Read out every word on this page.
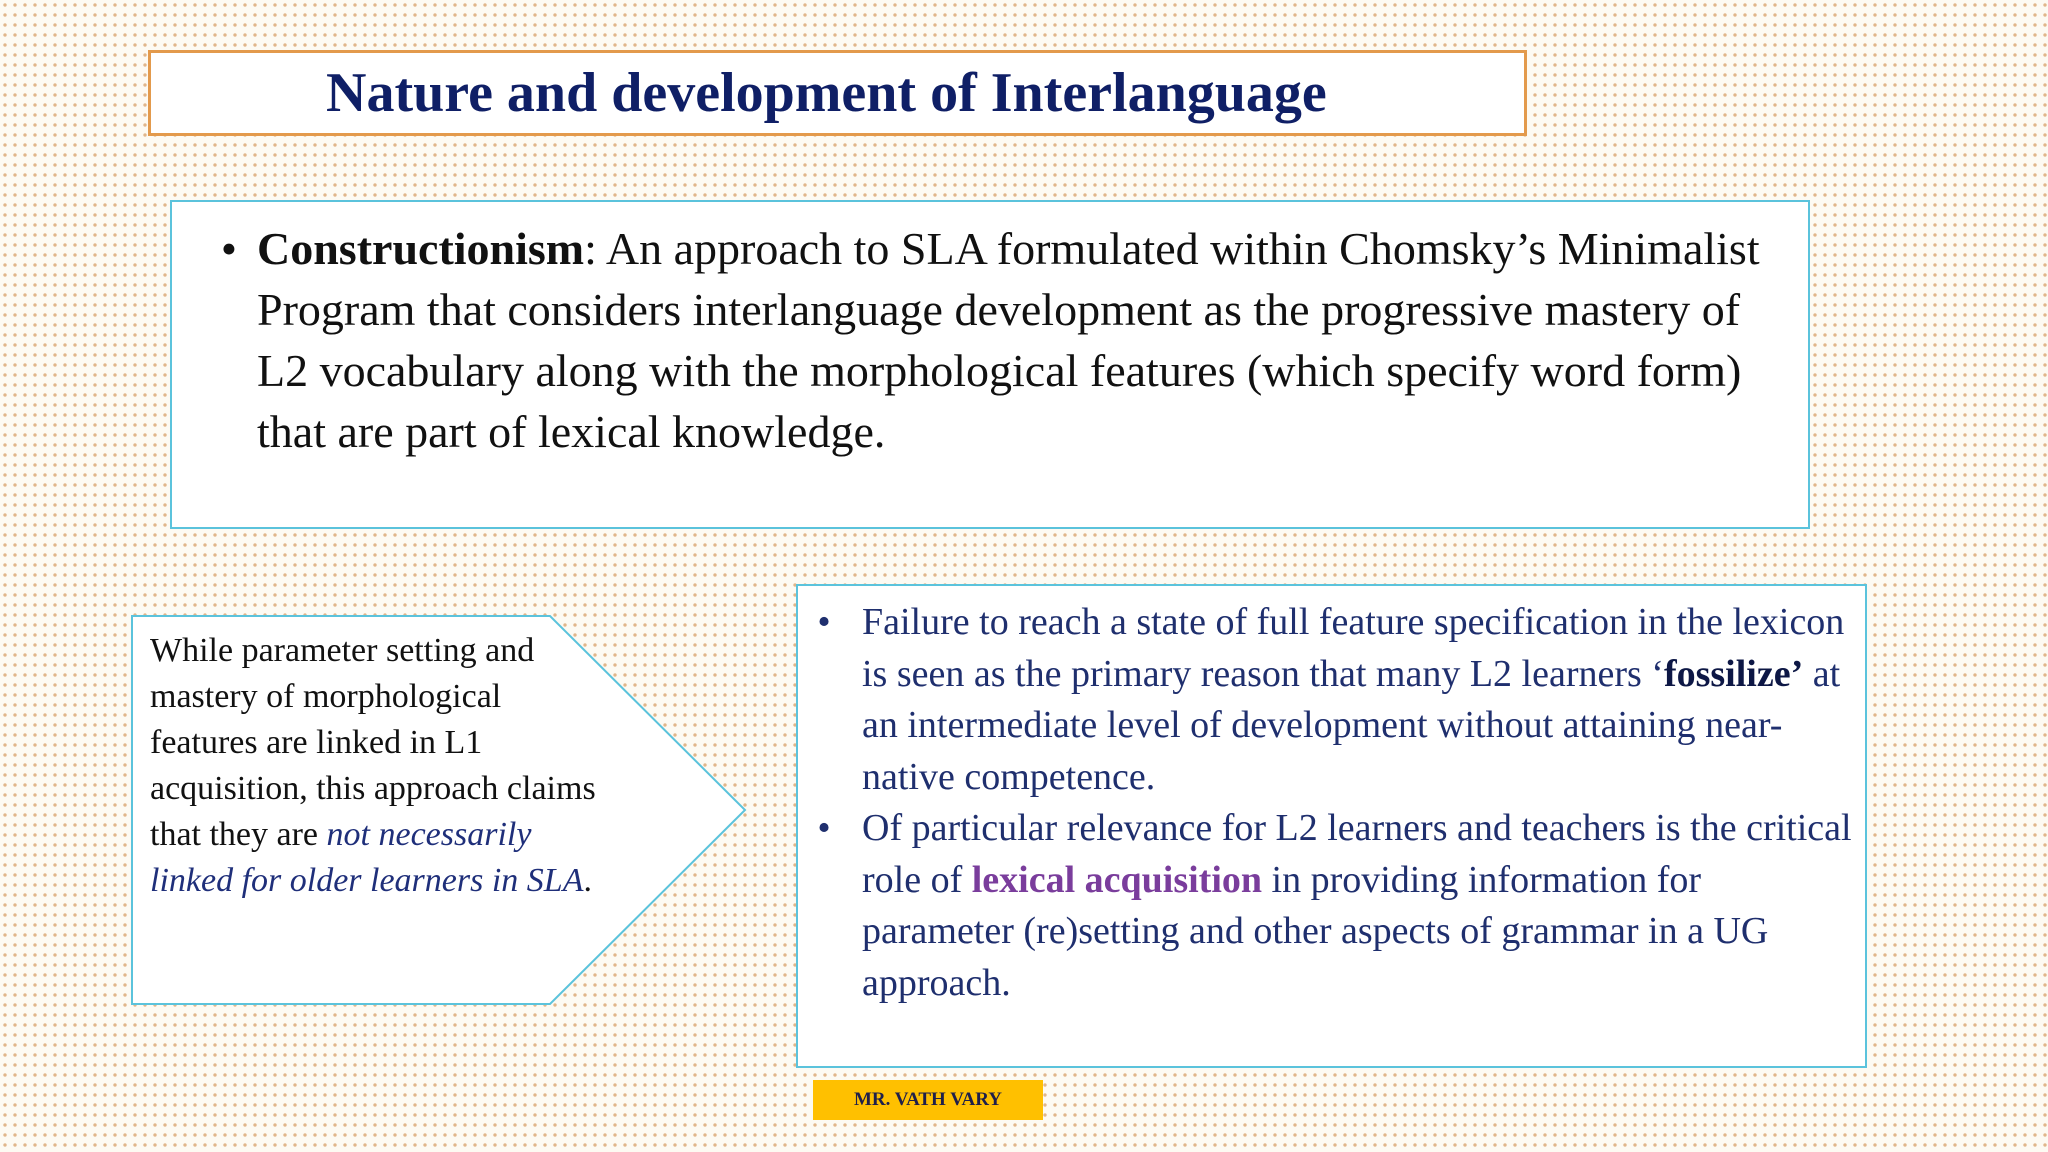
Nature and development of Interlanguage
• Constructionism: An approach to SLA formulated within Chomsky’s Minimalist Program that considers interlanguage development as the progressive mastery of L2 vocabulary along with the morphological features (which specify word form) that are part of lexical knowledge.
While parameter setting and mastery of morphological features are linked in L1 acquisition, this approach claims that they are not necessarily linked for older learners in SLA.
• Failure to reach a state of full feature specification in the lexicon is seen as the primary reason that many L2 learners ‘fossilize’ at an intermediate level of development without attaining near-native competence.
• Of particular relevance for L2 learners and teachers is the critical role of lexical acquisition in providing information for parameter (re)setting and other aspects of grammar in a UG approach.
MR. VATH VARY
